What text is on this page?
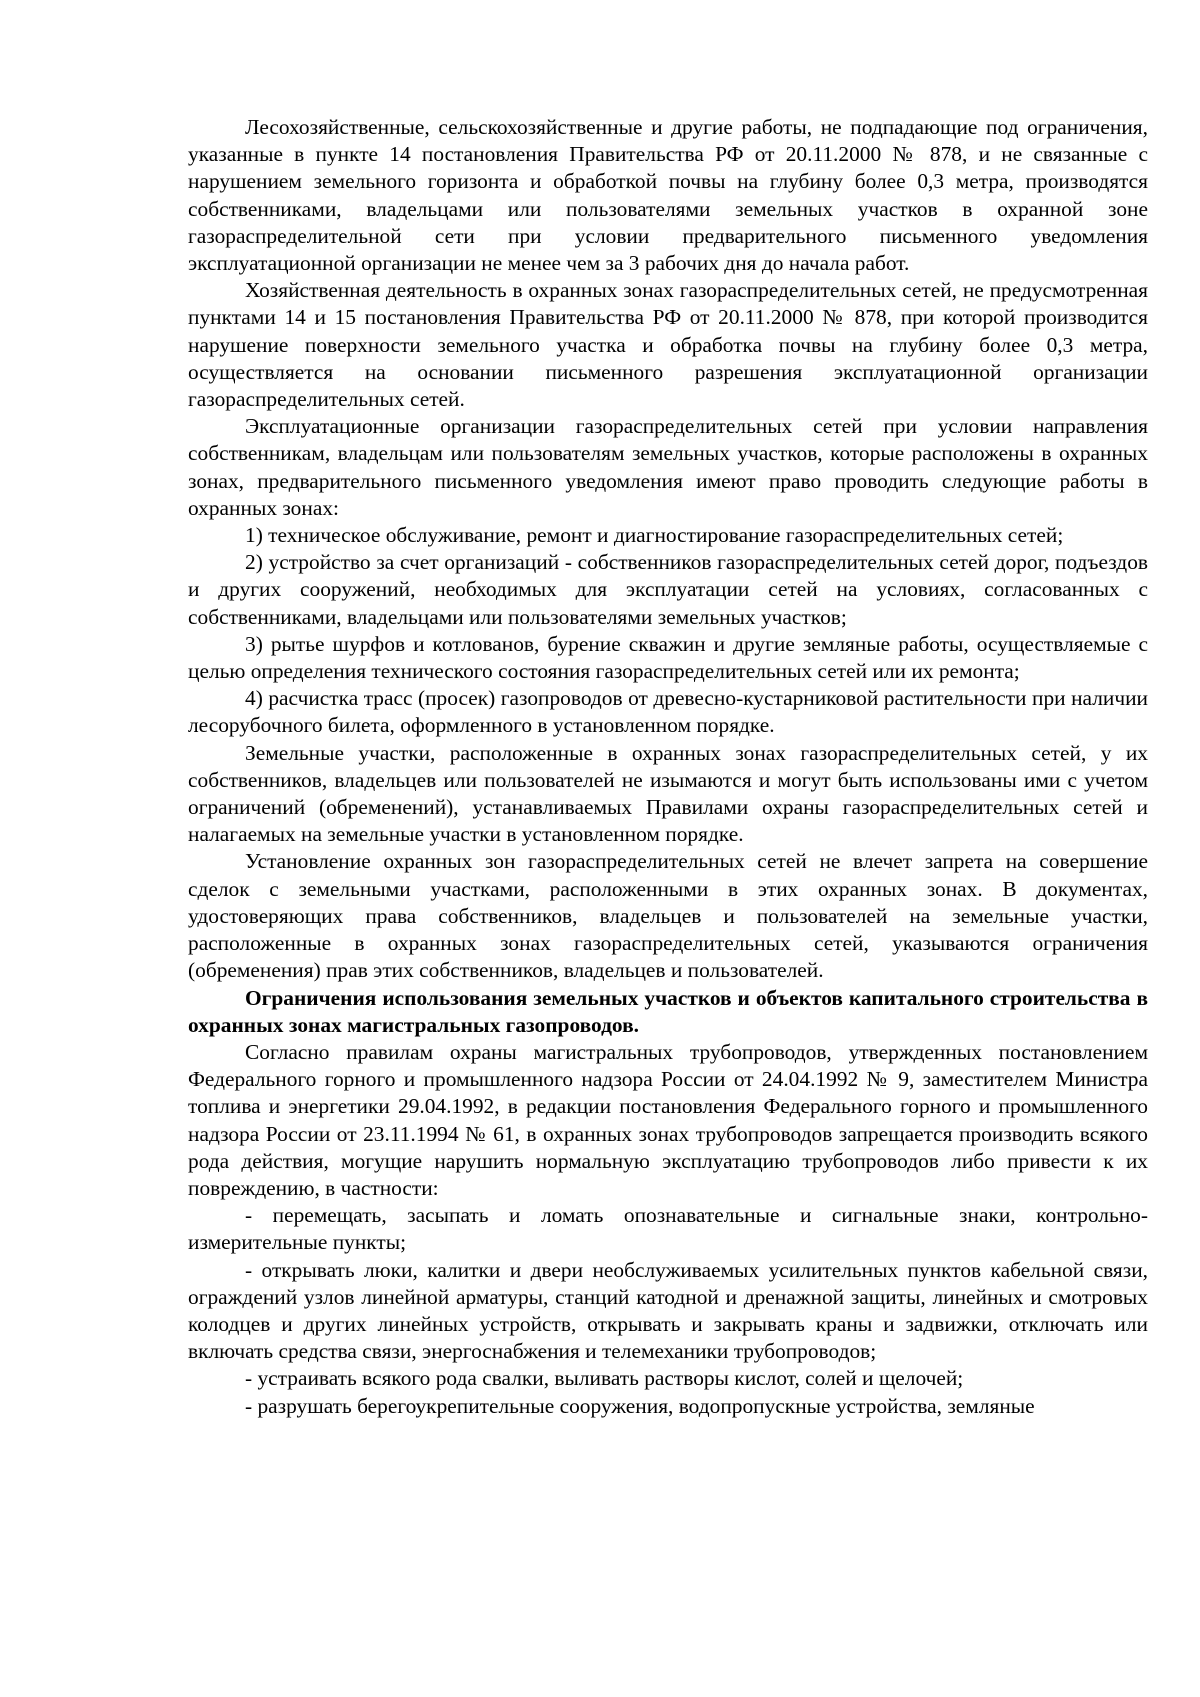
Лесохозяйственные, сельскохозяйственные и другие работы, не подпадающие под ограничения, указанные в пункте 14 постановления Правительства РФ от 20.11.2000 № 878, и не связанные с нарушением земельного горизонта и обработкой почвы на глубину более 0,3 метра, производятся собственниками, владельцами или пользователями земельных участков в охранной зоне газораспределительной сети при условии предварительного письменного уведомления эксплуатационной организации не менее чем за 3 рабочих дня до начала работ.

Хозяйственная деятельность в охранных зонах газораспределительных сетей, не предусмотренная пунктами 14 и 15 постановления Правительства РФ от 20.11.2000 № 878, при которой производится нарушение поверхности земельного участка и обработка почвы на глубину более 0,3 метра, осуществляется на основании письменного разрешения эксплуатационной организации газораспределительных сетей.

Эксплуатационные организации газораспределительных сетей при условии направления собственникам, владельцам или пользователям земельных участков, которые расположены в охранных зонах, предварительного письменного уведомления имеют право проводить следующие работы в охранных зонах:

1) техническое обслуживание, ремонт и диагностирование газораспределительных сетей;

2) устройство за счет организаций - собственников газораспределительных сетей дорог, подъездов и других сооружений, необходимых для эксплуатации сетей на условиях, согласованных с собственниками, владельцами или пользователями земельных участков;

3) рытье шурфов и котлованов, бурение скважин и другие земляные работы, осуществляемые с целью определения технического состояния газораспределительных сетей или их ремонта;

4) расчистка трасс (просек) газопроводов от древесно-кустарниковой растительности при наличии лесорубочного билета, оформленного в установленном порядке.

Земельные участки, расположенные в охранных зонах газораспределительных сетей, у их собственников, владельцев или пользователей не изымаются и могут быть использованы ими с учетом ограничений (обременений), устанавливаемых Правилами охраны газораспределительных сетей и налагаемых на земельные участки в установленном порядке.

Установление охранных зон газораспределительных сетей не влечет запрета на совершение сделок с земельными участками, расположенными в этих охранных зонах. В документах, удостоверяющих права собственников, владельцев и пользователей на земельные участки, расположенные в охранных зонах газораспределительных сетей, указываются ограничения (обременения) прав этих собственников, владельцев и пользователей.

Ограничения использования земельных участков и объектов капитального строительства в охранных зонах магистральных газопроводов.

Согласно правилам охраны магистральных трубопроводов, утвержденных постановлением Федерального горного и промышленного надзора России от 24.04.1992 № 9, заместителем Министра топлива и энергетики 29.04.1992, в редакции постановления Федерального горного и промышленного надзора России от 23.11.1994 № 61, в охранных зонах трубопроводов запрещается производить всякого рода действия, могущие нарушить нормальную эксплуатацию трубопроводов либо привести к их повреждению, в частности:

- перемещать, засыпать и ломать опознавательные и сигнальные знаки, контрольно-измерительные пункты;

- открывать люки, калитки и двери необслуживаемых усилительных пунктов кабельной связи, ограждений узлов линейной арматуры, станций катодной и дренажной защиты, линейных и смотровых колодцев и других линейных устройств, открывать и закрывать краны и задвижки, отключать или включать средства связи, энергоснабжения и телемеханики трубопроводов;

- устраивать всякого рода свалки, выливать растворы кислот, солей и щелочей;

- разрушать берегоукрепительные сооружения, водопропускные устройства, земляные
